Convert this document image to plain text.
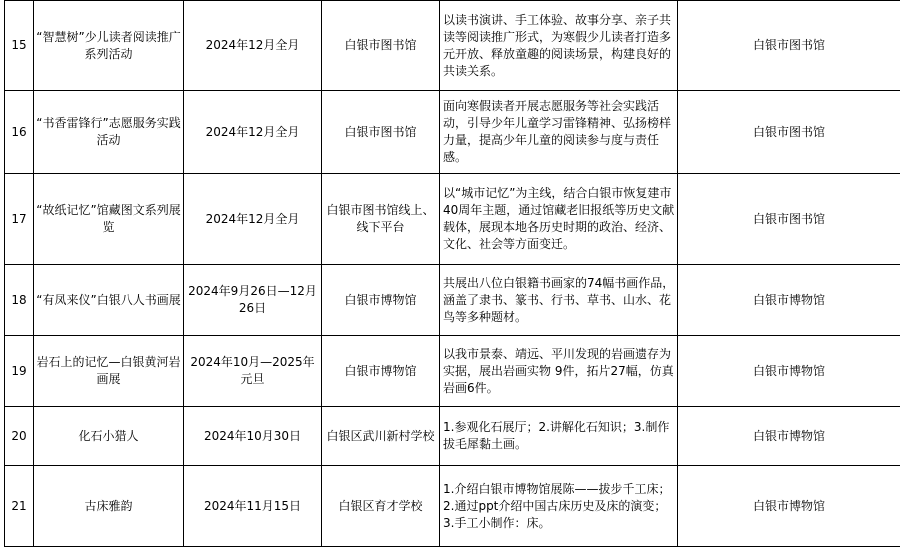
15	“智慧树”少儿读者阅读推广系列活动	2024年12月全月	白银市图书馆	以读书演讲、手工体验、故事分享、亲子共读等阅读推广形式，为寒假少儿读者打造多元开放、释放童趣的阅读场景，构建良好的共读关系。	白银市图书馆
16	“书香雷锋行”志愿服务实践活动	2024年12月全月	白银市图书馆	面向寒假读者开展志愿服务等社会实践活动，引导少年儿童学习雷锋精神、弘扬榜样力量，提高少年儿童的阅读参与度与责任感。	白银市图书馆
17	“故纸记忆”馆藏图文系列展览	2024年12月全月	白银市图书馆线上、线下平台	以“城市记忆”为主线，结合白银市恢复建市40周年主题，通过馆藏老旧报纸等历史文献载体，展现本地各历史时期的政治、经济、文化、社会等方面变迁。	白银市图书馆
18	“有凤来仪”白银八人书画展	2024年9月26日—12月26日	白银市博物馆	共展出八位白银籍书画家的74幅书画作品，涵盖了隶书、篆书、行书、草书、山水、花鸟等多种题材。	白银市博物馆
19	岩石上的记忆—白银黄河岩画展	2024年10月—2025年元旦	白银市博物馆	以我市景泰、靖远、平川发现的岩画遗存为实据，展出岩画实物 9件，拓片27幅，仿真岩画6件。	白银市博物馆
20	化石小猎人	2024年10月30日	白银区武川新村学校	1.参观化石展厅；2.讲解化石知识；3.制作拔毛犀黏土画。	白银市博物馆
21	古床雅韵	2024年11月15日	白银区育才学校	1.介绍白银市博物馆展陈——拔步千工床；2.通过ppt介绍中国古床历史及床的演变；3.手工小制作：床。	白银市博物馆
